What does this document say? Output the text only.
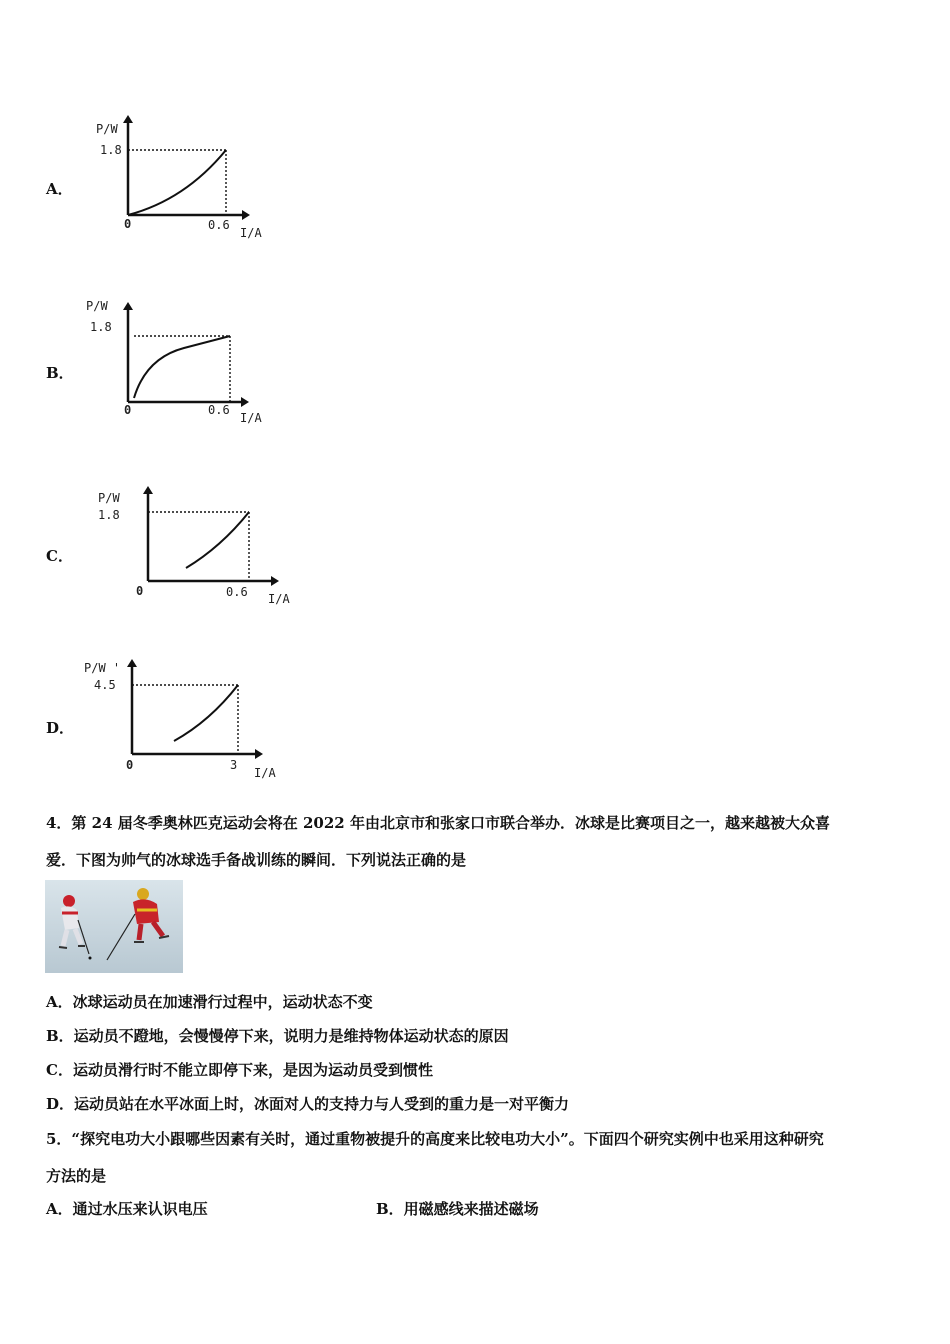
A．
P/W
1.8
0	0.6
I/A
B．
P/W
1.8
0	0.6
I/A
C．
P/W
1.8
0	0.6 I/A
D．
P/W '
4.5
0	3
I/A
4．第 24 届冬季奥林匹克运动会将在 2022 年由北京市和张家口市联合举办．冰球是比赛项目之一，越来越被大众喜
爱．下图为帅气的冰球选手备战训练的瞬间．下列说法正确的是
A．冰球运动员在加速滑行过程中，运动状态不变
B．运动员不蹬地，会慢慢停下来，说明力是维持物体运动状态的原因
C．运动员滑行时不能立即停下来，是因为运动员受到惯性
D．运动员站在水平冰面上时，冰面对人的支持力与人受到的重力是一对平衡力
5．“探究电功大小跟哪些因素有关时，通过重物被提升的高度来比较电功大小”。下面四个研究实例中也采用这种研究
方法的是
A．通过水压来认识电压	B．用磁感线来描述磁场
